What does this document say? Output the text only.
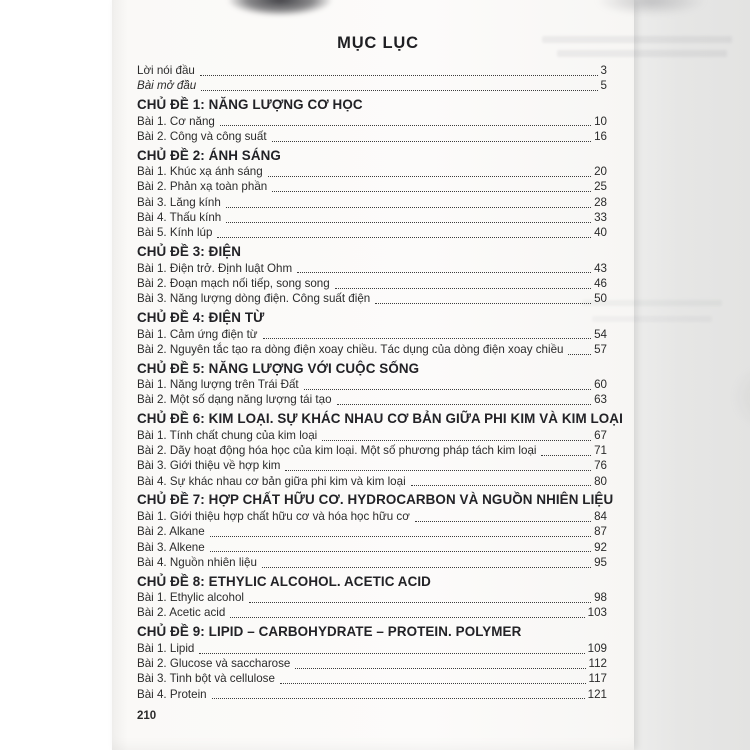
MỤC LỤC
Lời nói đầu	3
Bài mở đầu	5
CHỦ ĐỀ 1: NĂNG LƯỢNG CƠ HỌC
Bài 1. Cơ năng	10
Bài 2. Công và công suất	16
CHỦ ĐỀ 2: ÁNH SÁNG
Bài 1. Khúc xạ ánh sáng	20
Bài 2. Phản xạ toàn phần	25
Bài 3. Lăng kính	28
Bài 4. Thấu kính	33
Bài 5. Kính lúp	40
CHỦ ĐỀ 3: ĐIỆN
Bài 1. Điện trở. Định luật Ohm	43
Bài 2. Đoạn mạch nối tiếp, song song	46
Bài 3. Năng lượng dòng điện. Công suất điện	50
CHỦ ĐỀ 4: ĐIỆN TỪ
Bài 1. Cảm ứng điện từ	54
Bài 2. Nguyên tắc tạo ra dòng điện xoay chiều. Tác dụng của dòng điện xoay chiều	57
CHỦ ĐỀ 5: NĂNG LƯỢNG VỚI CUỘC SỐNG
Bài 1. Năng lượng trên Trái Đất	60
Bài 2. Một số dạng năng lượng tái tạo	63
CHỦ ĐỀ 6: KIM LOẠI. SỰ KHÁC NHAU CƠ BẢN GIỮA PHI KIM VÀ KIM LOẠI
Bài 1. Tính chất chung của kim loại	67
Bài 2. Dãy hoạt động hóa học của kim loại. Một số phương pháp tách kim loại	71
Bài 3. Giới thiệu về hợp kim	76
Bài 4. Sự khác nhau cơ bản giữa phi kim và kim loại	80
CHỦ ĐỀ 7: HỢP CHẤT HỮU CƠ. HYDROCARBON VÀ NGUỒN NHIÊN LIỆU
Bài 1. Giới thiệu hợp chất hữu cơ và hóa học hữu cơ	84
Bài 2. Alkane	87
Bài 3. Alkene	92
Bài 4. Nguồn nhiên liệu	95
CHỦ ĐỀ 8: ETHYLIC ALCOHOL. ACETIC ACID
Bài 1. Ethylic alcohol	98
Bài 2. Acetic acid	103
CHỦ ĐỀ 9: LIPID – CARBOHYDRATE – PROTEIN. POLYMER
Bài 1. Lipid	109
Bài 2. Glucose và saccharose	112
Bài 3. Tinh bột và cellulose	117
Bài 4. Protein	121
210
